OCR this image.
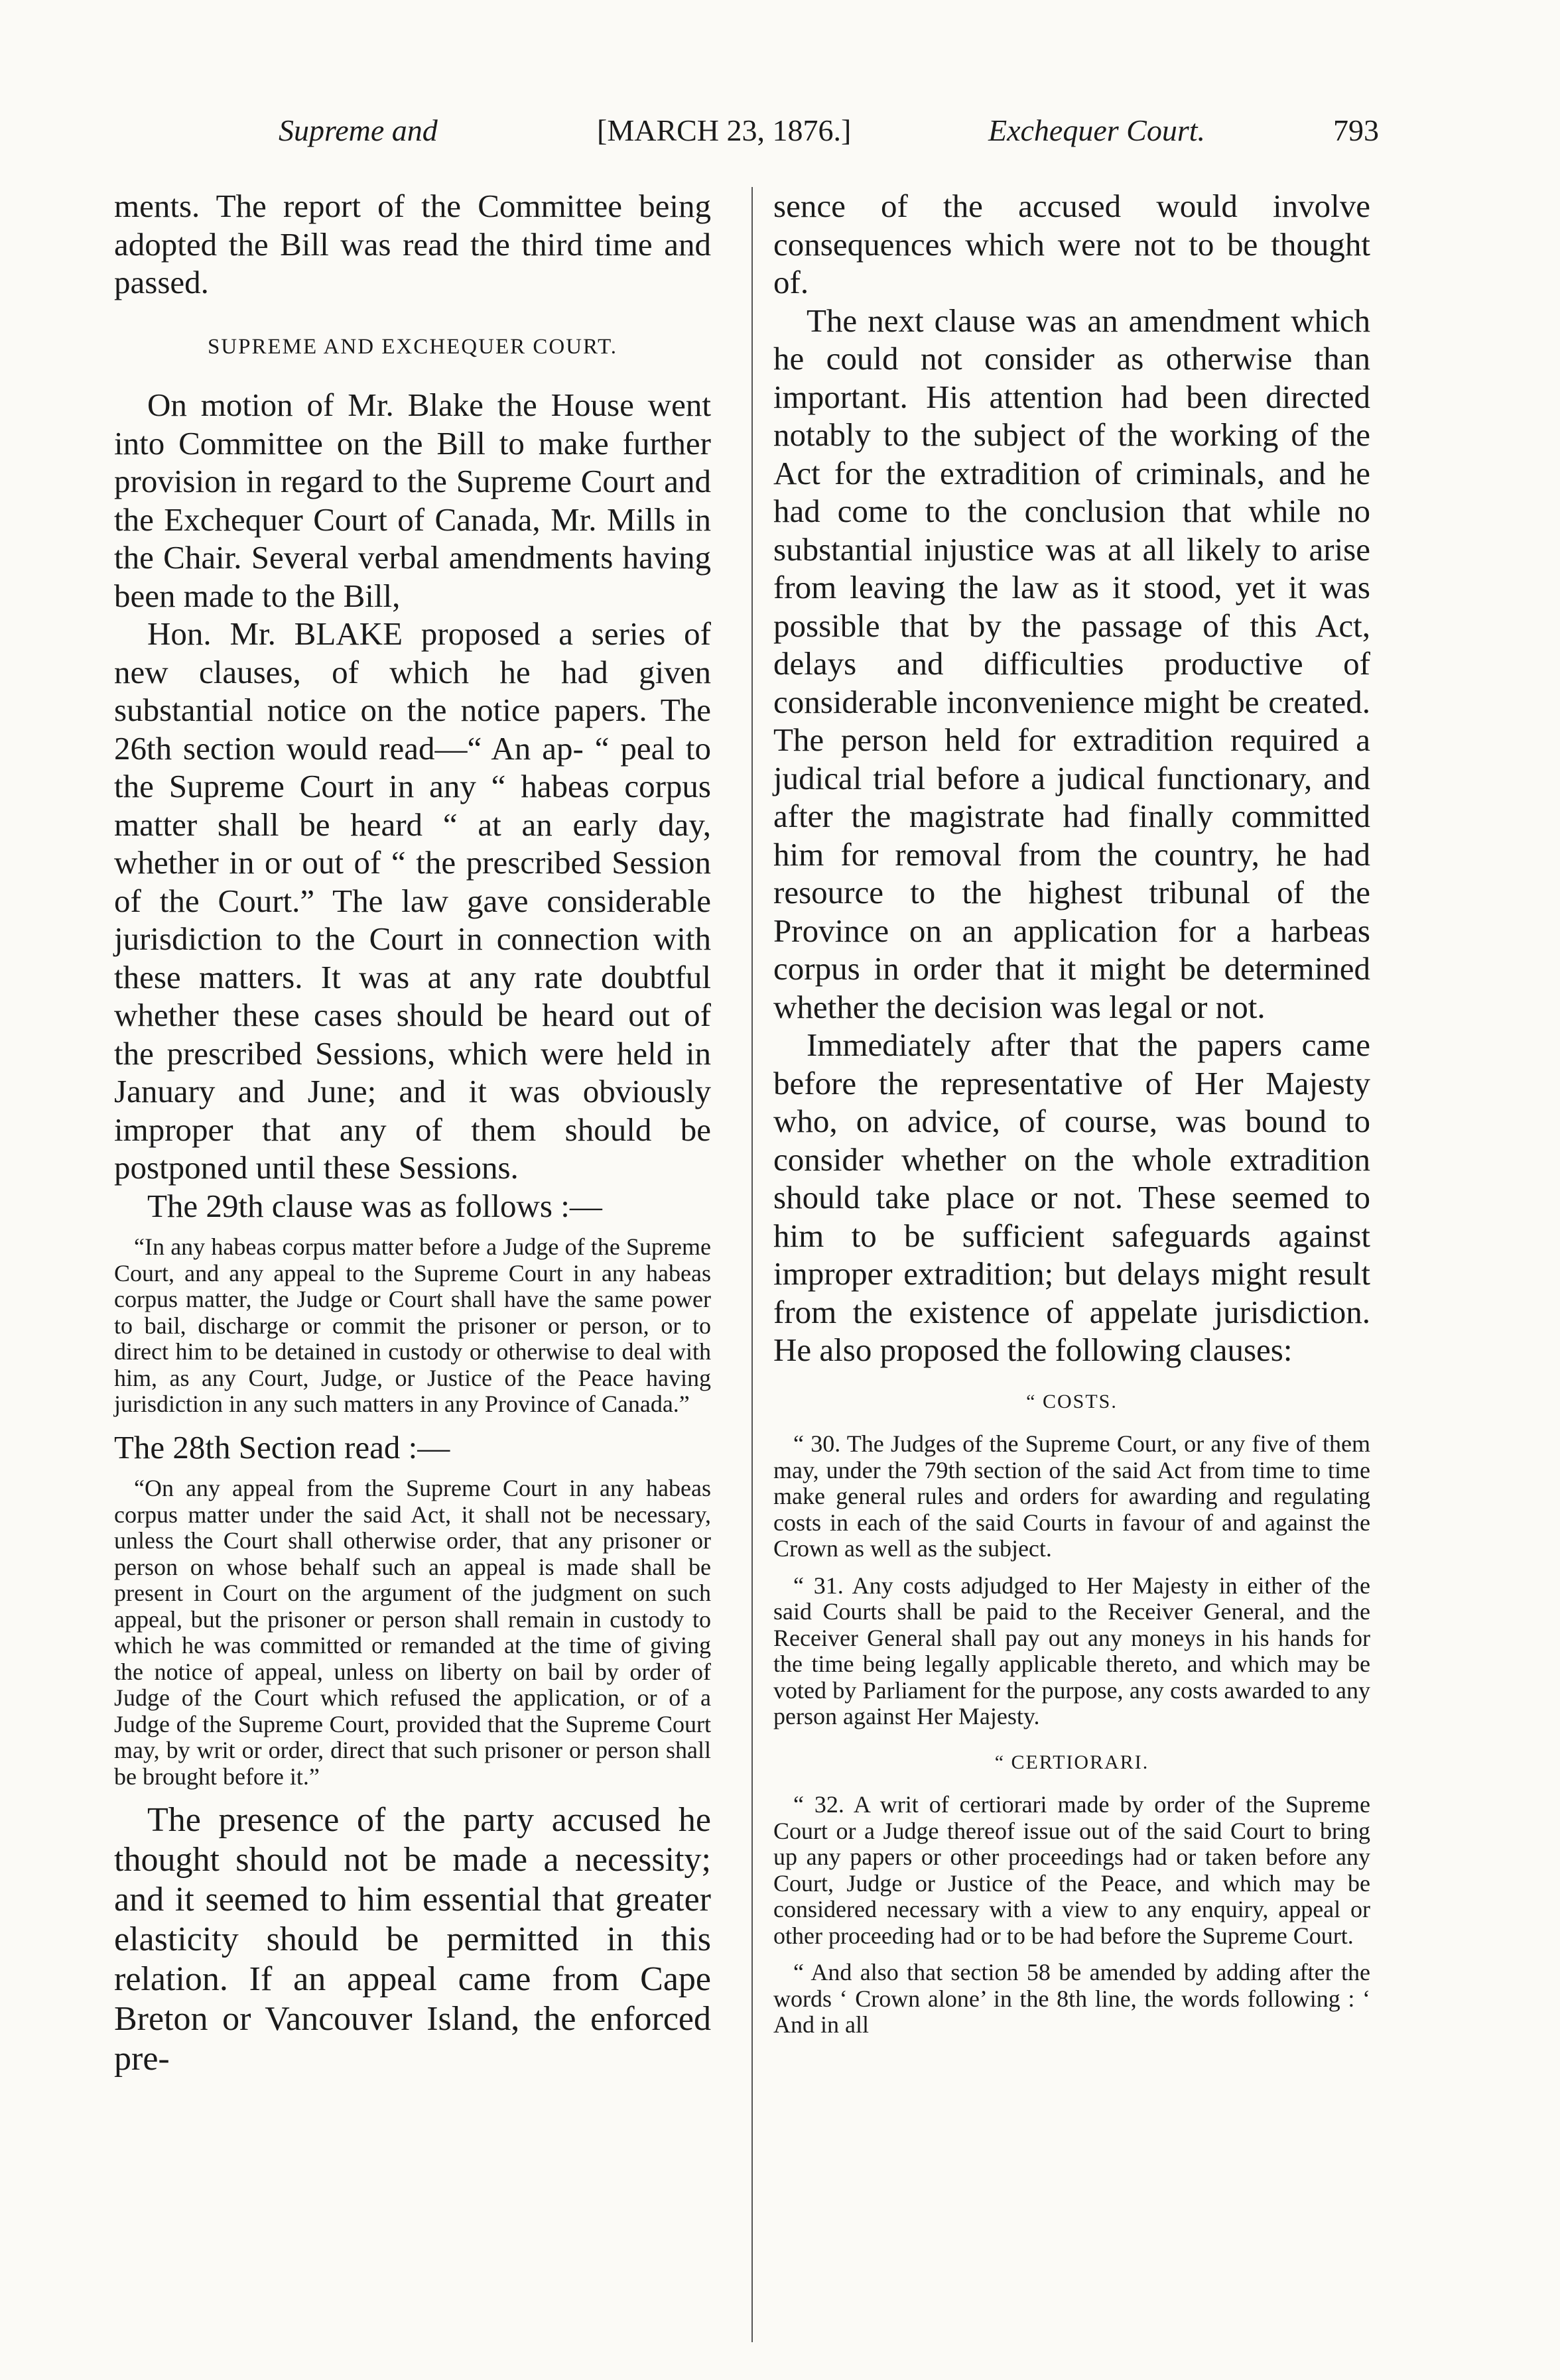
Supreme and	[MARCH 23, 1876.]	Exchequer Court.	793

ments. The report of the Committee being adopted the Bill was read the third time and passed.

SUPREME AND EXCHEQUER COURT.

On motion of Mr. Blake the House went into Committee on the Bill to make further provision in regard to the Supreme Court and the Exchequer Court of Canada, Mr. Mills in the Chair. Several verbal amendments having been made to the Bill,

Hon. Mr. BLAKE proposed a series of new clauses, of which he had given substantial notice on the notice papers. The 26th section would read—“ An ap- “ peal to the Supreme Court in any “ habeas corpus matter shall be heard “ at an early day, whether in or out of “ the prescribed Session of the Court.” The law gave considerable jurisdiction to the Court in connection with these matters. It was at any rate doubtful whether these cases should be heard out of the prescribed Sessions, which were held in January and June; and it was obviously improper that any of them should be postponed until these Sessions.

The 29th clause was as follows :—

“In any habeas corpus matter before a Judge of the Supreme Court, and any appeal to the Supreme Court in any habeas corpus matter, the Judge or Court shall have the same power to bail, discharge or commit the prisoner or person, or to direct him to be detained in custody or otherwise to deal with him, as any Court, Judge, or Justice of the Peace having jurisdiction in any such matters in any Province of Canada.”

The 28th Section read :—

“On any appeal from the Supreme Court in any habeas corpus matter under the said Act, it shall not be necessary, unless the Court shall otherwise order, that any prisoner or person on whose behalf such an appeal is made shall be present in Court on the argument of the judgment on such appeal, but the prisoner or person shall remain in custody to which he was committed or remanded at the time of giving the notice of appeal, unless on liberty on bail by order of Judge of the Court which refused the application, or of a Judge of the Supreme Court, provided that the Supreme Court may, by writ or order, direct that such prisoner or person shall be brought before it.”

The presence of the party accused he thought should not be made a necessity; and it seemed to him essential that greater elasticity should be permitted in this relation. If an appeal came from Cape Breton or Vancouver Island, the enforced pre-

sence of the accused would involve consequences which were not to be thought of.

The next clause was an amendment which he could not consider as otherwise than important. His attention had been directed notably to the subject of the working of the Act for the extradition of criminals, and he had come to the conclusion that while no substantial injustice was at all likely to arise from leaving the law as it stood, yet it was possible that by the passage of this Act, delays and difficulties productive of considerable inconvenience might be created. The person held for extradition required a judical trial before a judical functionary, and after the magistrate had finally committed him for removal from the country, he had resource to the highest tribunal of the Province on an application for a harbeas corpus in order that it might be determined whether the decision was legal or not.

Immediately after that the papers came before the representative of Her Majesty who, on advice, of course, was bound to consider whether on the whole extradition should take place or not. These seemed to him to be sufficient safeguards against improper extradition; but delays might result from the existence of appelate jurisdiction. He also proposed the following clauses:

“ COSTS.

“ 30. The Judges of the Supreme Court, or any five of them may, under the 79th section of the said Act from time to time make general rules and orders for awarding and regulating costs in each of the said Courts in favour of and against the Crown as well as the subject.

“ 31. Any costs adjudged to Her Majesty in either of the said Courts shall be paid to the Receiver General, and the Receiver General shall pay out any moneys in his hands for the time being legally applicable thereto, and which may be voted by Parliament for the purpose, any costs awarded to any person against Her Majesty.

“ CERTIORARI.

“ 32. A writ of certiorari made by order of the Supreme Court or a Judge thereof issue out of the said Court to bring up any papers or other proceedings had or taken before any Court, Judge or Justice of the Peace, and which may be considered necessary with a view to any enquiry, appeal or other proceeding had or to be had before the Supreme Court.

“ And also that section 58 be amended by adding after the words ‘ Crown alone’ in the 8th line, the words following : ‘ And in all
